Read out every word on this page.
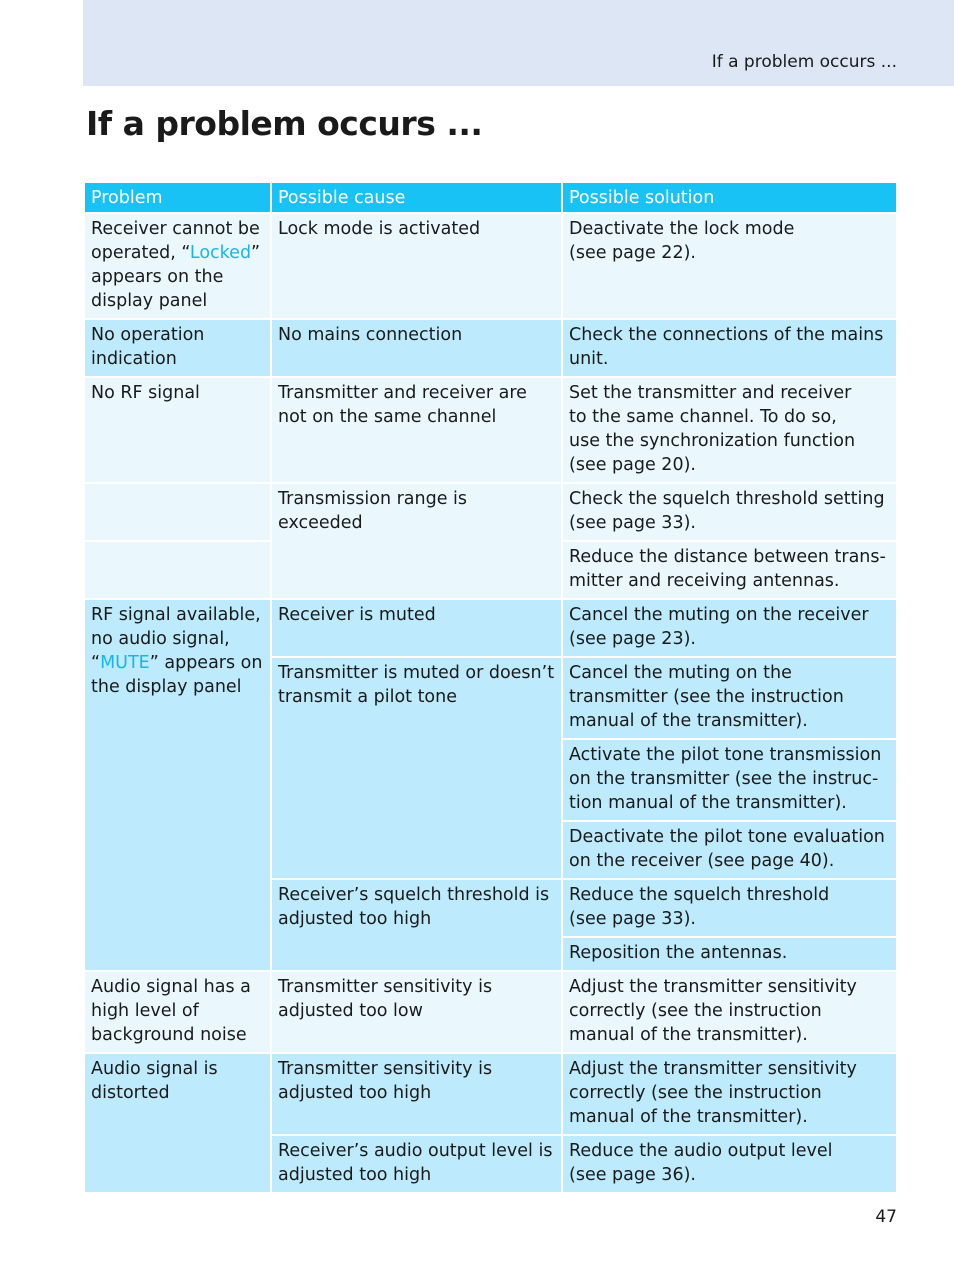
If a problem occurs ...
If a problem occurs ...
Problem	Possible cause	Possible solution
Receiver cannot be operated, “Locked” appears on the display panel	Lock mode is activated	Deactivate the lock mode
(see page 22).

No operation indication	No mains connection	Check the connections of the mains unit.
No RF signal	Transmitter and receiver are not on the same channel	Set the transmitter and receiver
to the same channel. To do so,
use the synchronization function
(see page 20).

	Transmission range is exceeded	Check the squelch threshold setting (see page 33).
		Reduce the distance between trans-mitter and receiving antennas.
RF signal available, no audio signal, “MUTE” appears on the display panel	Receiver is muted	Cancel the muting on the receiver (see page 23).
	Transmitter is muted or doesn’t transmit a pilot tone	Cancel the muting on the transmitter (see the instruction manual of the transmitter).
		Activate the pilot tone transmission on the transmitter (see the instruc-tion manual of the transmitter).
		Deactivate the pilot tone evaluation on the receiver (see page 40).
	Receiver’s squelch threshold is adjusted too high	Reduce the squelch threshold
(see page 33).

		Reposition the antennas.
Audio signal has a high level of background noise	Transmitter sensitivity is adjusted too low	Adjust the transmitter sensitivity correctly (see the instruction manual of the transmitter).
Audio signal is distorted	Transmitter sensitivity is adjusted too high	Adjust the transmitter sensitivity correctly (see the instruction manual of the transmitter).
	Receiver’s audio output level is adjusted too high	Reduce the audio output level
(see page 36).
47
